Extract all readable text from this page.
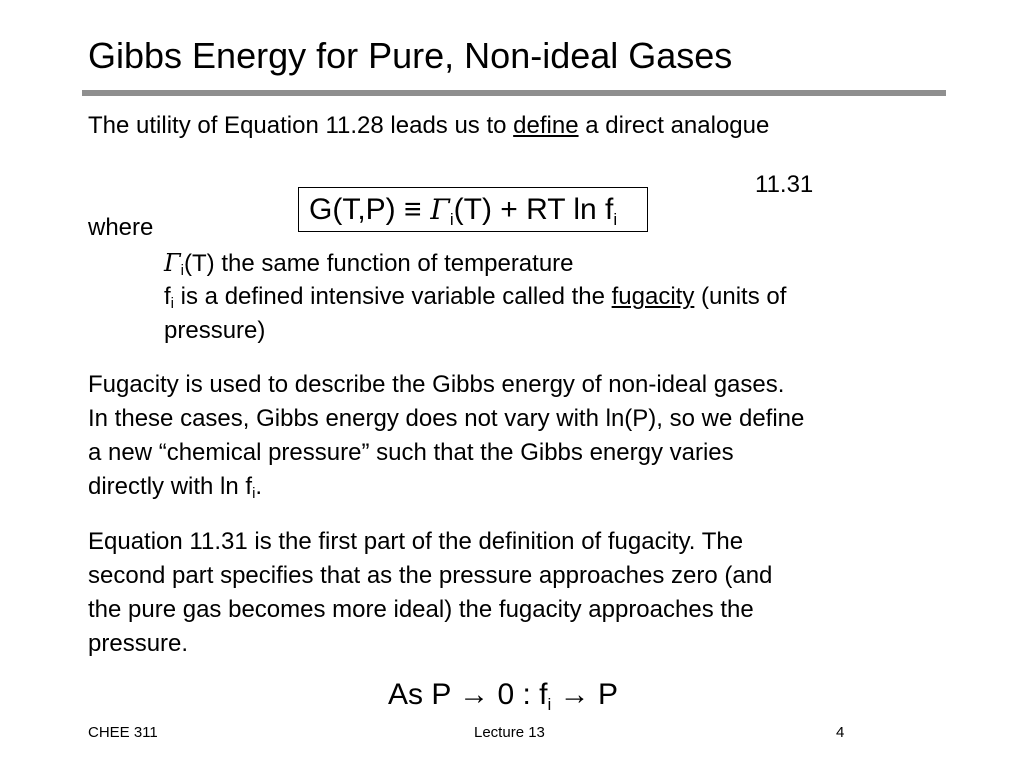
Gibbs Energy for Pure, Non-ideal Gases
The utility of Equation 11.28 leads us to define a direct analogue
11.31
$G(T,P) \equiv \Gamma_i(T)$ + RT $\ln f_i$
where
$\Gamma_i(T)$ the same function of temperature
$f_i$ is a defined intensive variable called the fugacity (units of
pressure)
Fugacity is used to describe the Gibbs energy of non-ideal gases.
In these cases, Gibbs energy does not vary with ln(P), so we define
a new “chemical pressure” such that the Gibbs energy varies
directly with $\ln f_i$.
Equation 11.31 is the first part of the definition of fugacity. The
second part specifies that as the pressure approaches zero (and
the pure gas becomes more ideal) the fugacity approaches the
pressure.
As P → 0 : $f_i \to P$
CHEE 311	Lecture 13	4
